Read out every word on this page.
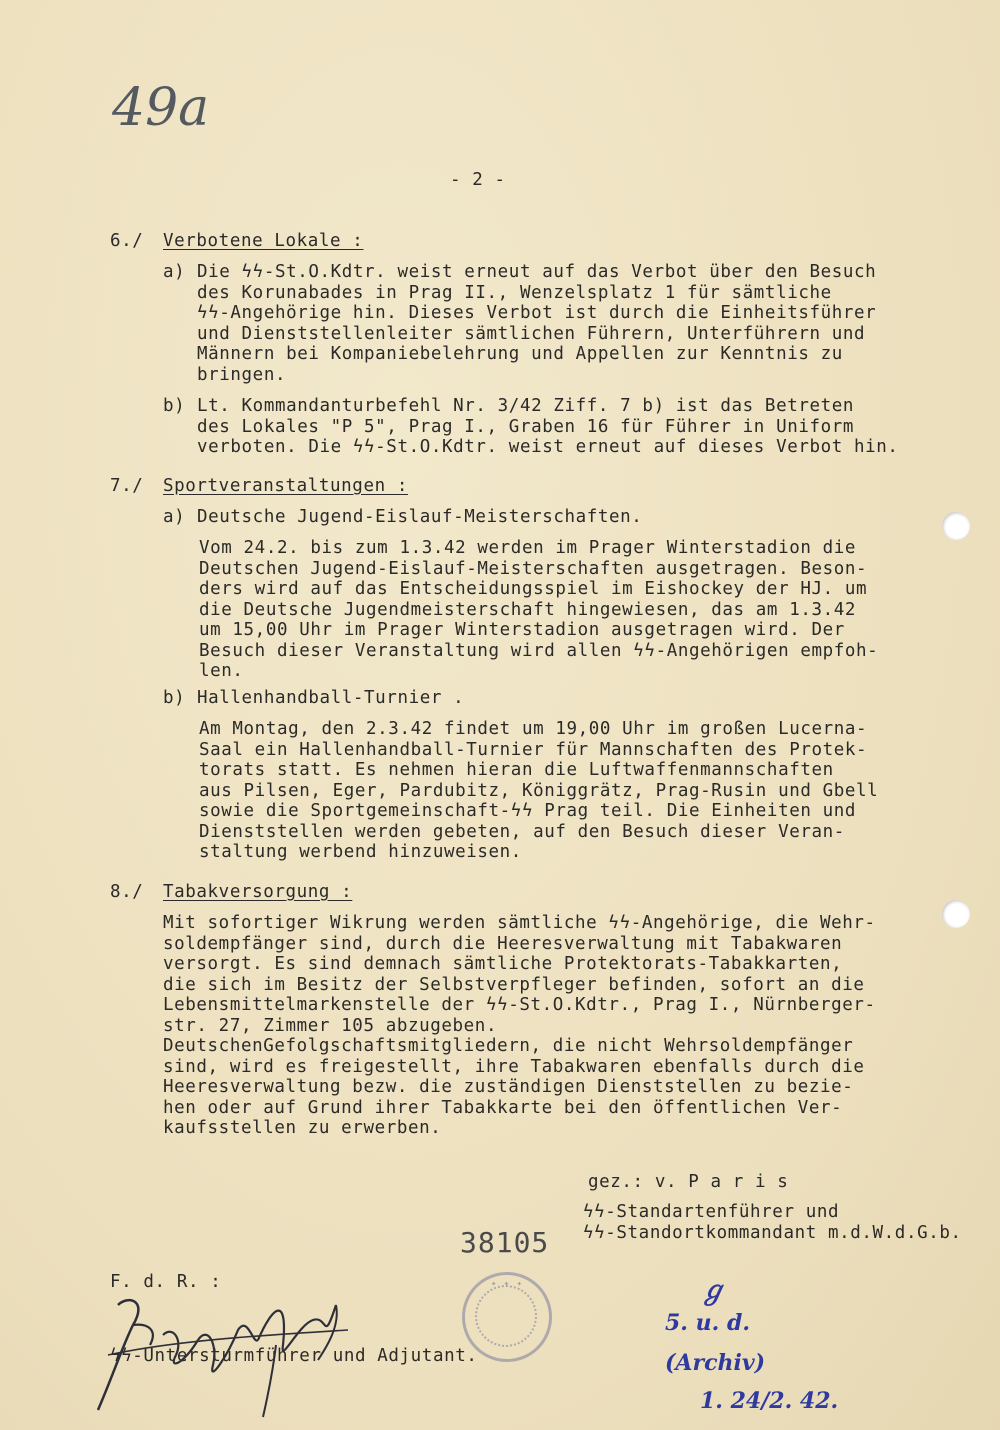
49a
- 2 -
6./ Verbotene Lokale :
a) Die ϟϟ-St.O.Kdtr. weist erneut auf das Verbot über den Besuch
des Korunabades in Prag II., Wenzelsplatz 1 für sämtliche
ϟϟ-Angehörige hin. Dieses Verbot ist durch die Einheitsführer
und Dienststellenleiter sämtlichen Führern, Unterführern und
Männern bei Kompaniebelehrung und Appellen zur Kenntnis zu
bringen.
b) Lt. Kommandanturbefehl Nr. 3/42 Ziff. 7 b) ist das Betreten
des Lokales "P 5", Prag I., Graben 16 für Führer in Uniform
verboten. Die ϟϟ-St.O.Kdtr. weist erneut auf dieses Verbot hin.
7./ Sportveranstaltungen :
a) Deutsche Jugend-Eislauf-Meisterschaften.
Vom 24.2. bis zum 1.3.42 werden im Prager Winterstadion die
Deutschen Jugend-Eislauf-Meisterschaften ausgetragen. Beson-
ders wird auf das Entscheidungsspiel im Eishockey der HJ. um
die Deutsche Jugendmeisterschaft hingewiesen, das am 1.3.42
um 15,00 Uhr im Prager Winterstadion ausgetragen wird. Der
Besuch dieser Veranstaltung wird allen ϟϟ-Angehörigen empfoh-
len.
b) Hallenhandball-Turnier .
Am Montag, den 2.3.42 findet um 19,00 Uhr im großen Lucerna-
Saal ein Hallenhandball-Turnier für Mannschaften des Protek-
torats statt. Es nehmen hieran die Luftwaffenmannschaften
aus Pilsen, Eger, Pardubitz, Königgrätz, Prag-Rusin und Gbell
sowie die Sportgemeinschaft-ϟϟ Prag teil. Die Einheiten und
Dienststellen werden gebeten, auf den Besuch dieser Veran-
staltung werbend hinzuweisen.
8./ Tabakversorgung :
Mit sofortiger Wikrung werden sämtliche ϟϟ-Angehörige, die Wehr-
soldempfänger sind, durch die Heeresverwaltung mit Tabakwaren
versorgt. Es sind demnach sämtliche Protektorats-Tabakkarten,
die sich im Besitz der Selbstverpfleger befinden, sofort an die
Lebensmittelmarkenstelle der ϟϟ-St.O.Kdtr., Prag I., Nürnberger-
str. 27, Zimmer 105 abzugeben.
DeutschenGefolgschaftsmitgliedern, die nicht Wehrsoldempfänger
sind, wird es freigestellt, ihre Tabakwaren ebenfalls durch die
Heeresverwaltung bezw. die zuständigen Dienststellen zu bezie-
hen oder auf Grund ihrer Tabakkarte bei den öffentlichen Ver-
kaufsstellen zu erwerben.
gez.: v. P a r i s
ϟϟ-Standartenführer und
ϟϟ-Standortkommandant m.d.W.d.G.b.
38105
F. d. R. :
ϟϟ-Untersturmführer und Adjutant.
✦ ✦ ✦	ℊ
5. u. d.
(Archiv)
1. 24/2. 42.
